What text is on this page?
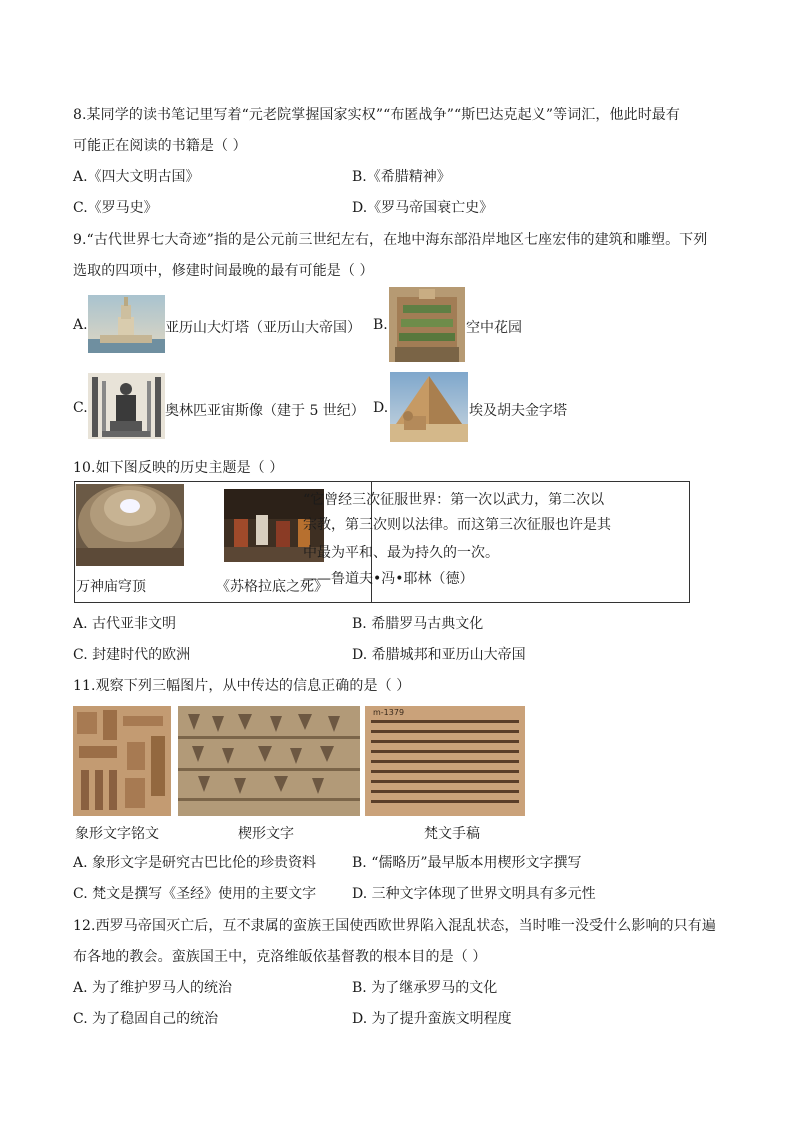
8.某同学的读书笔记里写着“元老院掌握国家实权”“布匿战争”“斯巴达克起义”等词汇，他此时最有
可能正在阅读的书籍是（ ）
A.《四大文明古国》	B.《希腊精神》
C.《罗马史》	D.《罗马帝国衰亡史》
9.“古代世界七大奇迹”指的是公元前三世纪左右，在地中海东部沿岸地区七座宏伟的建筑和雕塑。下列
选取的四项中，修建时间最晚的最有可能是（ ）
A.	亚历山大灯塔（亚历山大帝国） B.	空中花园
C.	奥林匹亚宙斯像（建于 5 世纪） D.	埃及胡夫金字塔
10.如下图反映的历史主题是（ ）
万神庙穹顶	《苏格拉底之死》
“它曾经三次征服世界：第一次以武力，第二次以
宗教，第三次则以法律。而这第三次征服也许是其
中最为平和、最为持久的一次。
——鲁道夫•冯•耶林（德）
A. 古代亚非文明	B. 希腊罗马古典文化
C. 封建时代的欧洲	D. 希腊城邦和亚历山大帝国
11.观察下列三幅图片，从中传达的信息正确的是（ ）
m-1379
象形文字铭文	楔形文字	梵文手稿
A. 象形文字是研究古巴比伦的珍贵资料	B. “儒略历”最早版本用楔形文字撰写
C. 梵文是撰写《圣经》使用的主要文字	D. 三种文字体现了世界文明具有多元性
12.西罗马帝国灭亡后，互不隶属的蛮族王国使西欧世界陷入混乱状态，当时唯一没受什么影响的只有遍
布各地的教会。蛮族国王中，克洛维皈依基督教的根本目的是（ ）
A. 为了维护罗马人的统治	B. 为了继承罗马的文化
C. 为了稳固自己的统治	D. 为了提升蛮族文明程度
